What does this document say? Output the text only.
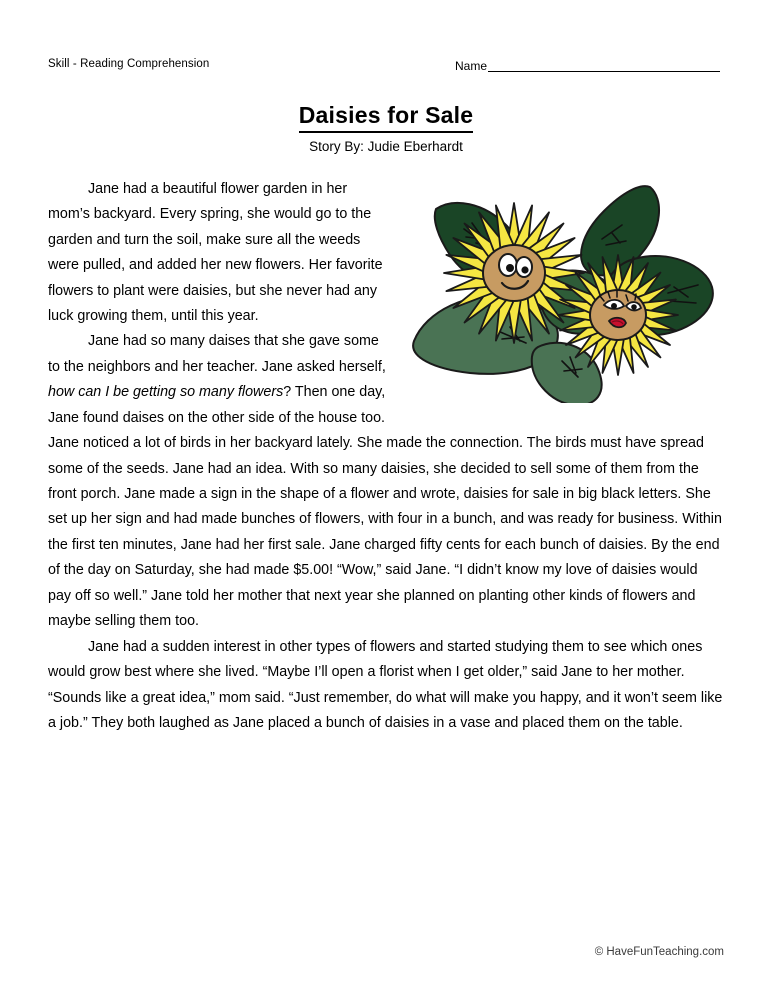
Skill - Reading Comprehension	Name
Daisies for Sale
Story By: Judie Eberhardt

Jane had a beautiful flower garden in her mom’s backyard. Every spring, she would go to the garden and turn the soil, make sure all the weeds were pulled, and added her new flowers. Her favorite flowers to plant were daisies, but she never had any luck growing them, until this year.

Jane had so many daises that she gave some to the neighbors and her teacher. Jane asked herself, how can I be getting so many flowers? Then one day, Jane found daises on the other side of the house too. Jane noticed a lot of birds in her backyard lately. She made the connection. The birds must have spread some of the seeds. Jane had an idea. With so many daisies, she decided to sell some of them from the front porch. Jane made a sign in the shape of a flower and wrote, daisies for sale in big black letters. She set up her sign and had made bunches of flowers, with four in a bunch, and was ready for business. Within the first ten minutes, Jane had her first sale. Jane charged fifty cents for each bunch of daisies. By the end of the day on Saturday, she had made $5.00! “Wow,” said Jane. “I didn’t know my love of daisies would pay off so well.” Jane told her mother that next year she planned on planting other kinds of flowers and maybe selling them too.

Jane had a sudden interest in other types of flowers and started studying them to see which ones would grow best where she lived. “Maybe I’ll open a florist when I get older,” said Jane to her mother. “Sounds like a great idea,” mom said. “Just remember, do what will make you happy, and it won’t seem like a job.” They both laughed as Jane placed a bunch of daisies in a vase and placed them on the table.

© HaveFunTeaching.com
